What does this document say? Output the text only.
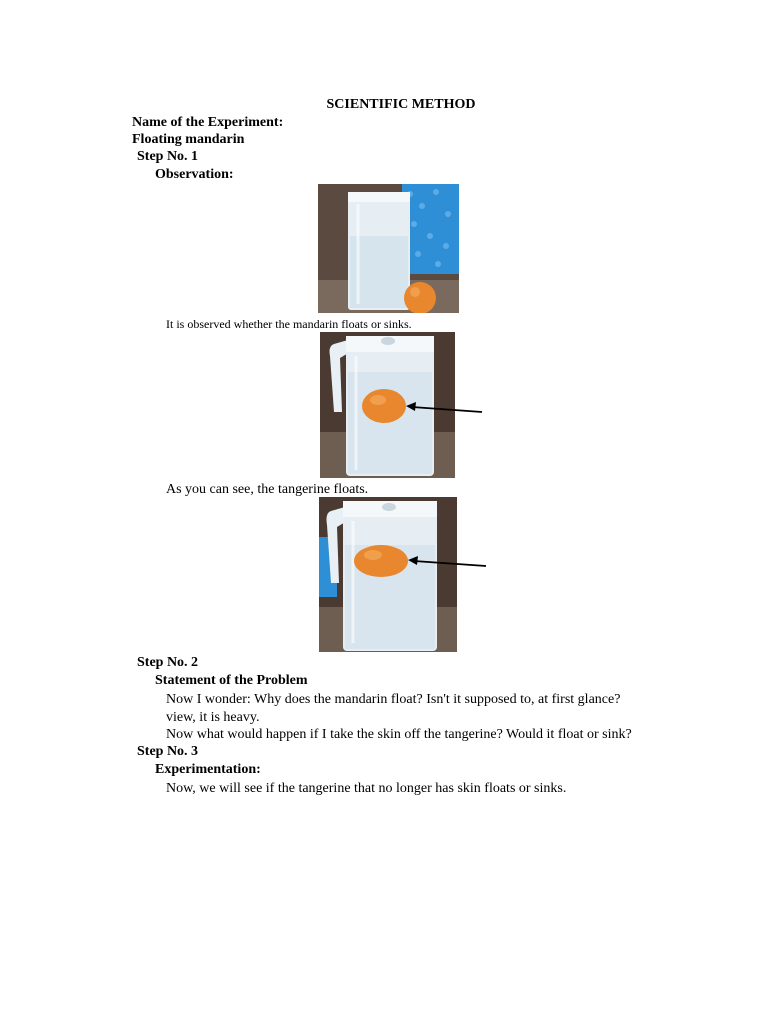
SCIENTIFIC METHOD
Name of the Experiment:
Floating mandarin
Step No. 1
Observation:
It is observed whether the mandarin floats or sinks.
As you can see, the tangerine floats.
Step No. 2
Statement of the Problem
Now I wonder: Why does the mandarin float? Isn't it supposed to, at first glance?
view, it is heavy.
Now what would happen if I take the skin off the tangerine? Would it float or sink?
Step No. 3
Experimentation:
Now, we will see if the tangerine that no longer has skin floats or sinks.
